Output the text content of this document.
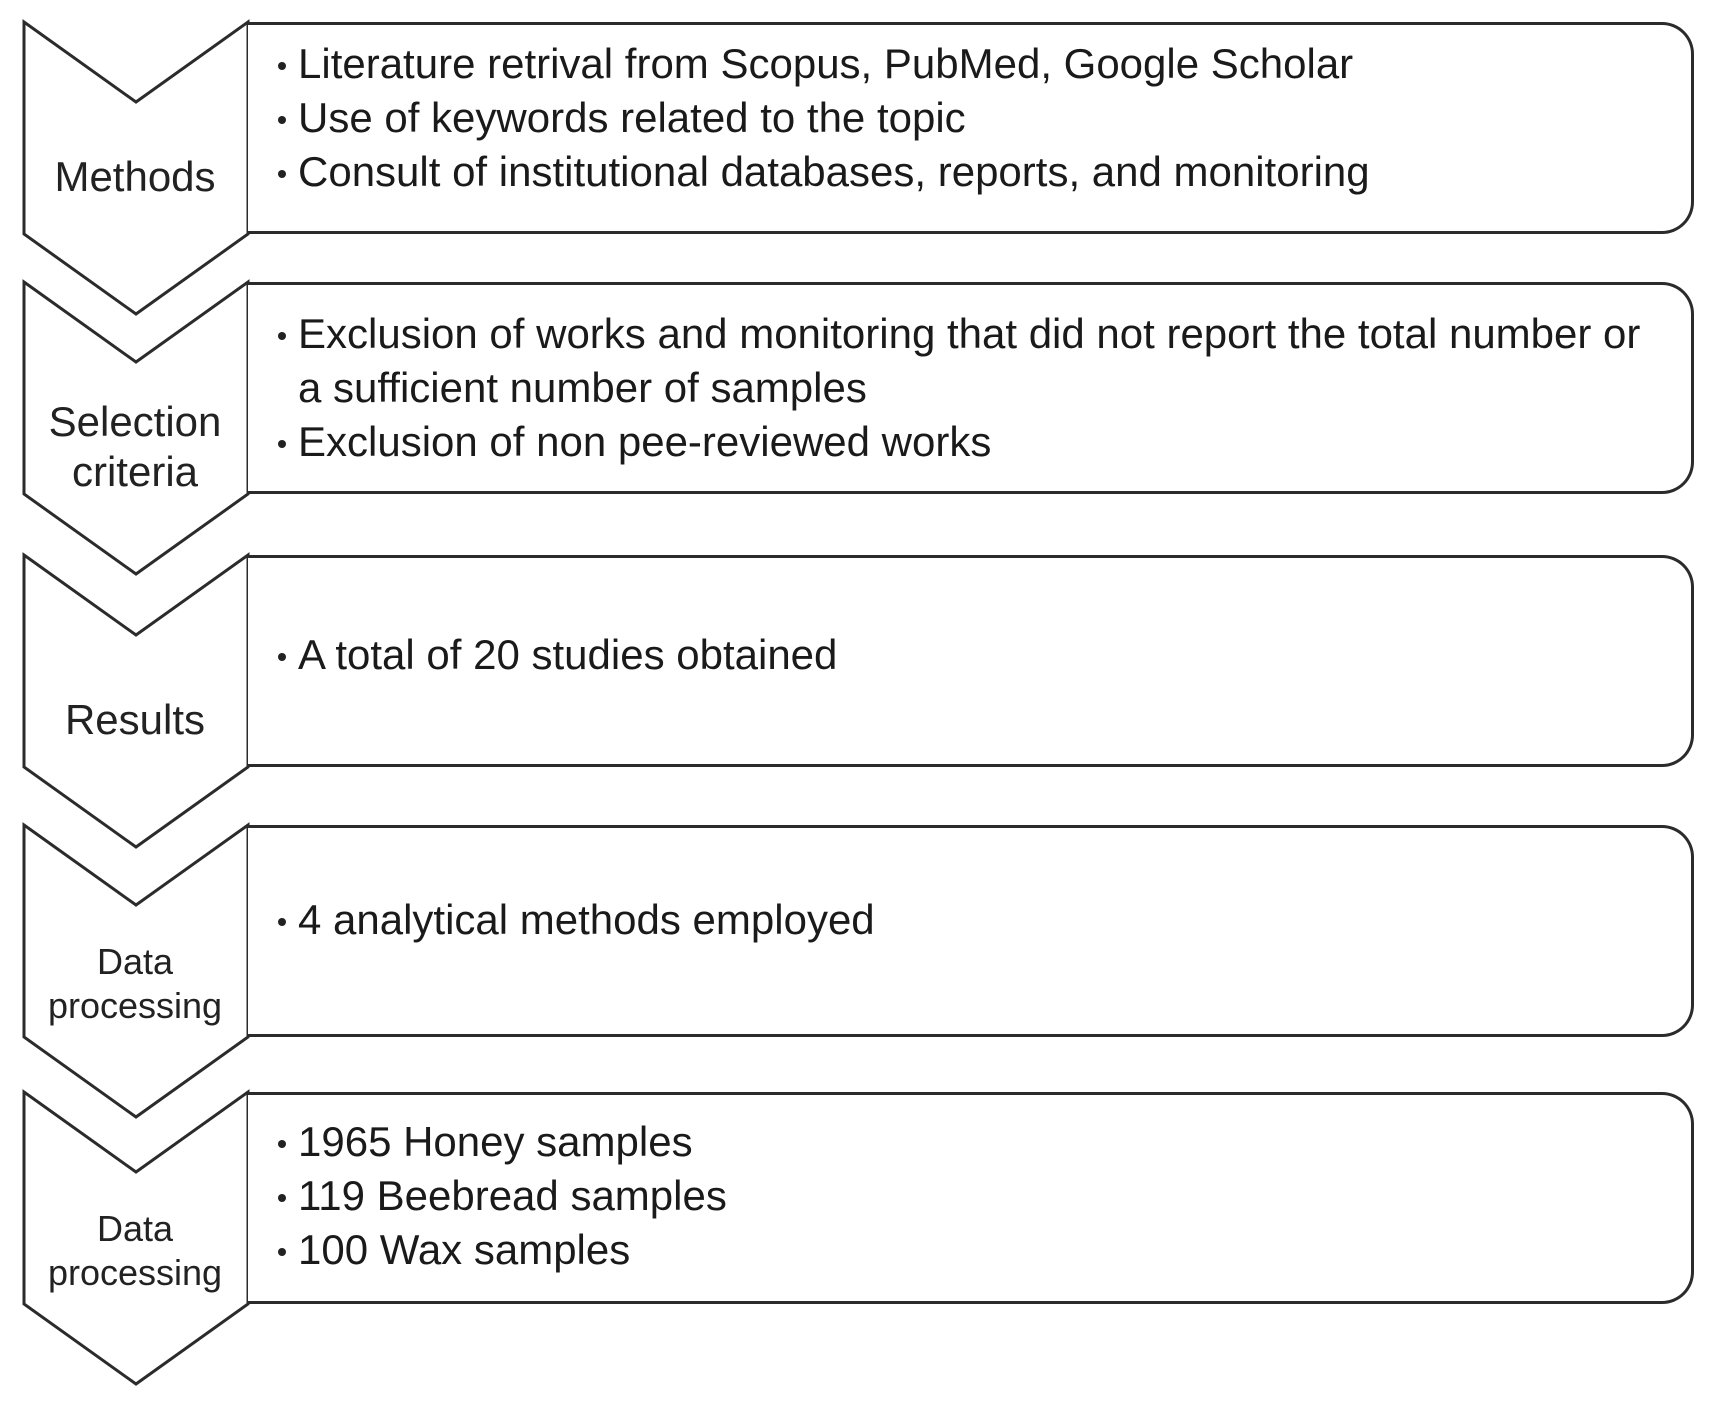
Methods
Literature retrival from Scopus, PubMed, Google Scholar
Use of keywords related to the topic
Consult of institutional databases, reports, and monitoring
Selection
criteria
Exclusion of works and monitoring that did not report the total number or a sufficient number of samples
Exclusion of non pee-reviewed works
Results
A total of 20 studies obtained
Data
processing
4 analytical methods employed
Data
processing
1965 Honey samples
119 Beebread samples
100 Wax samples
